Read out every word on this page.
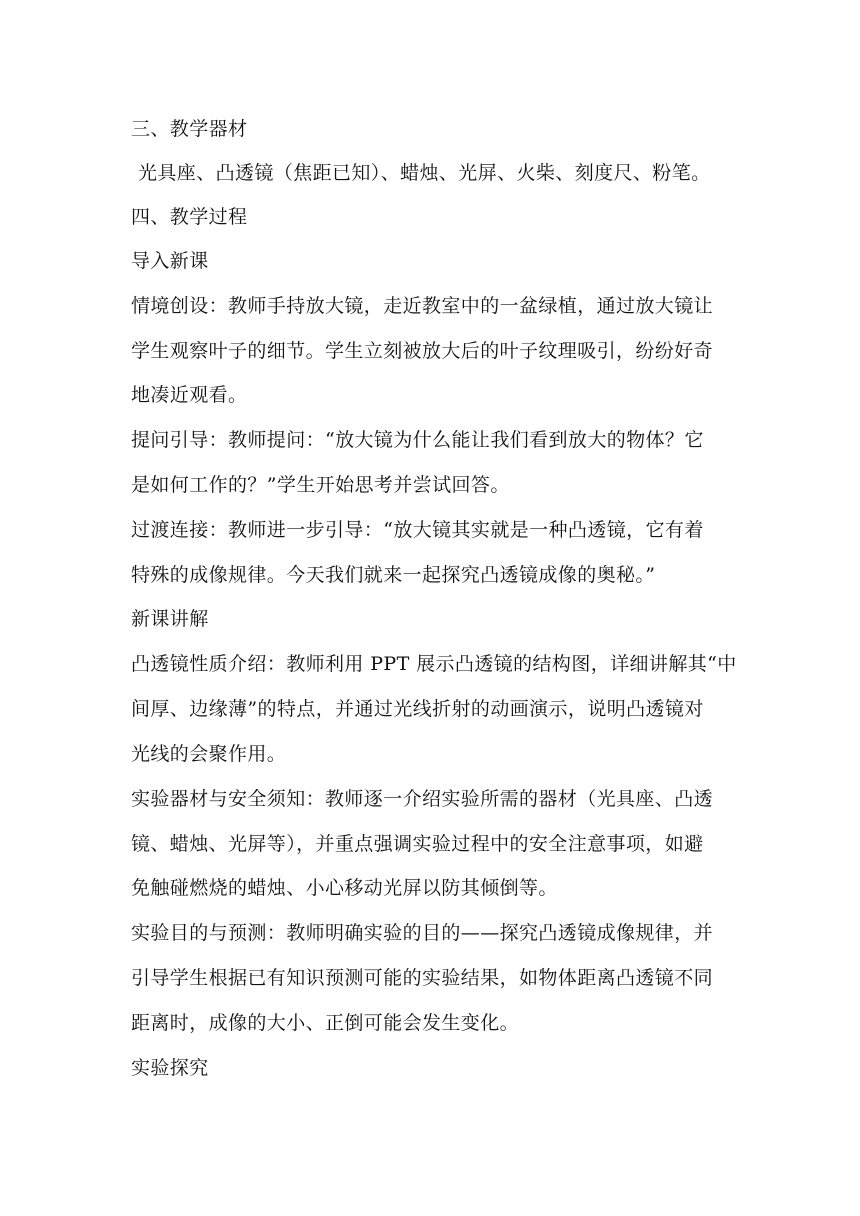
三、教学器材
光具座、凸透镜（焦距已知）、蜡烛、光屏、火柴、刻度尺、粉笔。
四、教学过程
导入新课
情境创设：教师手持放大镜，走近教室中的一盆绿植，通过放大镜让
学生观察叶子的细节。学生立刻被放大后的叶子纹理吸引，纷纷好奇
地凑近观看。
提问引导：教师提问：“放大镜为什么能让我们看到放大的物体？它
是如何工作的？”学生开始思考并尝试回答。
过渡连接：教师进一步引导：“放大镜其实就是一种凸透镜，它有着
特殊的成像规律。今天我们就来一起探究凸透镜成像的奥秘。”
新课讲解
凸透镜性质介绍：教师利用 PPT 展示凸透镜的结构图，详细讲解其“中
间厚、边缘薄”的特点，并通过光线折射的动画演示，说明凸透镜对
光线的会聚作用。
实验器材与安全须知：教师逐一介绍实验所需的器材（光具座、凸透
镜、蜡烛、光屏等），并重点强调实验过程中的安全注意事项，如避
免触碰燃烧的蜡烛、小心移动光屏以防其倾倒等。
实验目的与预测：教师明确实验的目的——探究凸透镜成像规律，并
引导学生根据已有知识预测可能的实验结果，如物体距离凸透镜不同
距离时，成像的大小、正倒可能会发生变化。
实验探究
